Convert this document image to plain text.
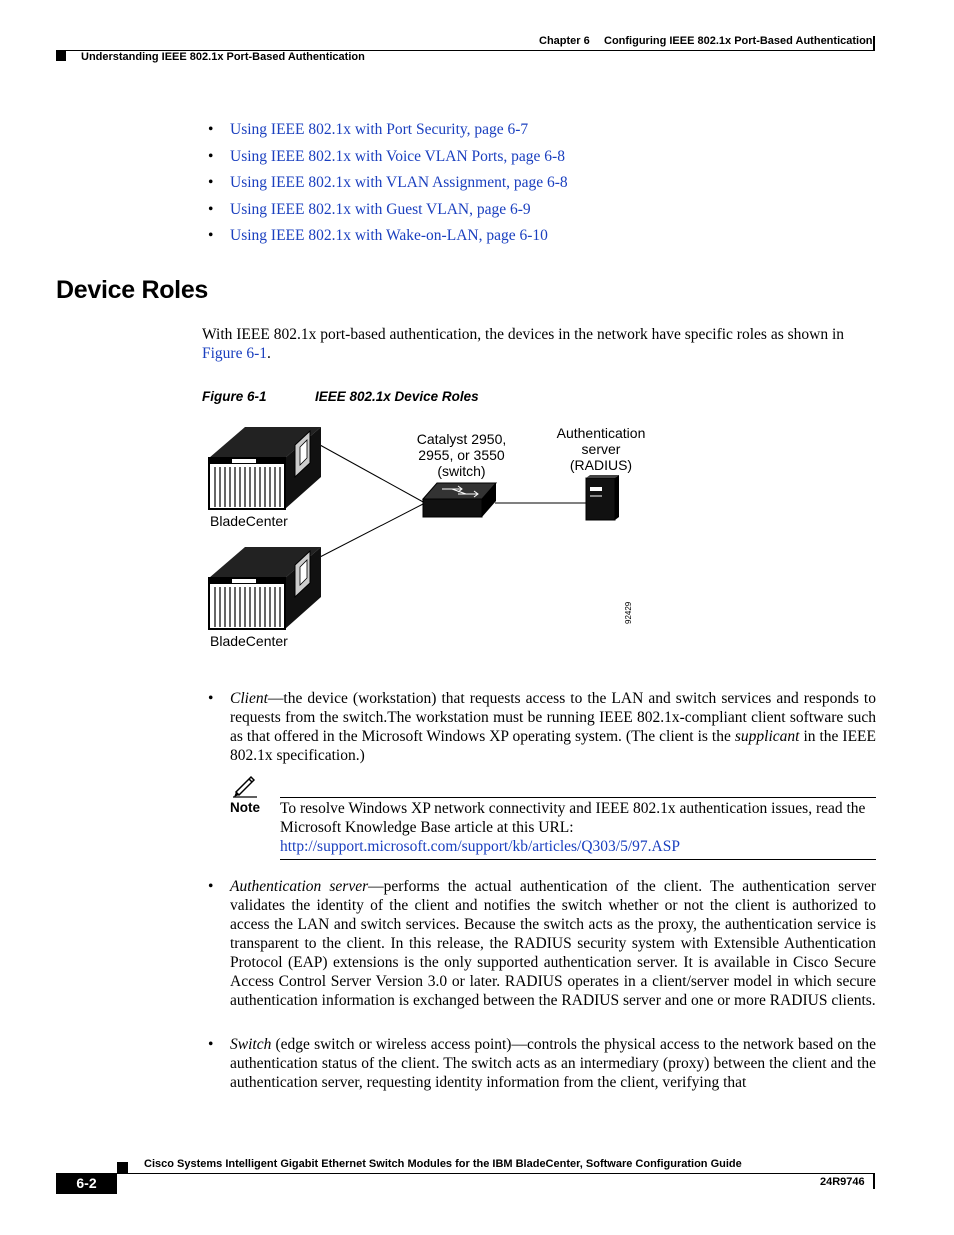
Chapter 6 Configuring IEEE 802.1x Port-Based Authentication
Understanding IEEE 802.1x Port-Based Authentication
• Using IEEE 802.1x with Port Security, page 6-7
• Using IEEE 802.1x with Voice VLAN Ports, page 6-8
• Using IEEE 802.1x with VLAN Assignment, page 6-8
• Using IEEE 802.1x with Guest VLAN, page 6-9
• Using IEEE 802.1x with Wake-on-LAN, page 6-10
Device Roles
With IEEE 802.1x port-based authentication, the devices in the network have specific roles as shown in Figure 6-1.
Figure 6-1	IEEE 802.1x Device Roles
Catalyst 2950,
2955, or 3550
(switch)
Authentication
server
(RADIUS)
BladeCenter
BladeCenter
92429
• Client—the device (workstation) that requests access to the LAN and switch services and responds to requests from the switch.The workstation must be running IEEE 802.1x-compliant client software such as that offered in the Microsoft Windows XP operating system. (The client is the supplicant in the IEEE 802.1x specification.)
Note To resolve Windows XP network connectivity and IEEE 802.1x authentication issues, read the Microsoft Knowledge Base article at this URL:
http://support.microsoft.com/support/kb/articles/Q303/5/97.ASP
• Authentication server—performs the actual authentication of the client. The authentication server validates the identity of the client and notifies the switch whether or not the client is authorized to access the LAN and switch services. Because the switch acts as the proxy, the authentication service is transparent to the client. In this release, the RADIUS security system with Extensible Authentication Protocol (EAP) extensions is the only supported authentication server. It is available in Cisco Secure Access Control Server Version 3.0 or later. RADIUS operates in a client/server model in which secure authentication information is exchanged between the RADIUS server and one or more RADIUS clients.
• Switch (edge switch or wireless access point)—controls the physical access to the network based on the authentication status of the client. The switch acts as an intermediary (proxy) between the client and the authentication server, requesting identity information from the client, verifying that
Cisco Systems Intelligent Gigabit Ethernet Switch Modules for the IBM BladeCenter, Software Configuration Guide
6-2	24R9746
